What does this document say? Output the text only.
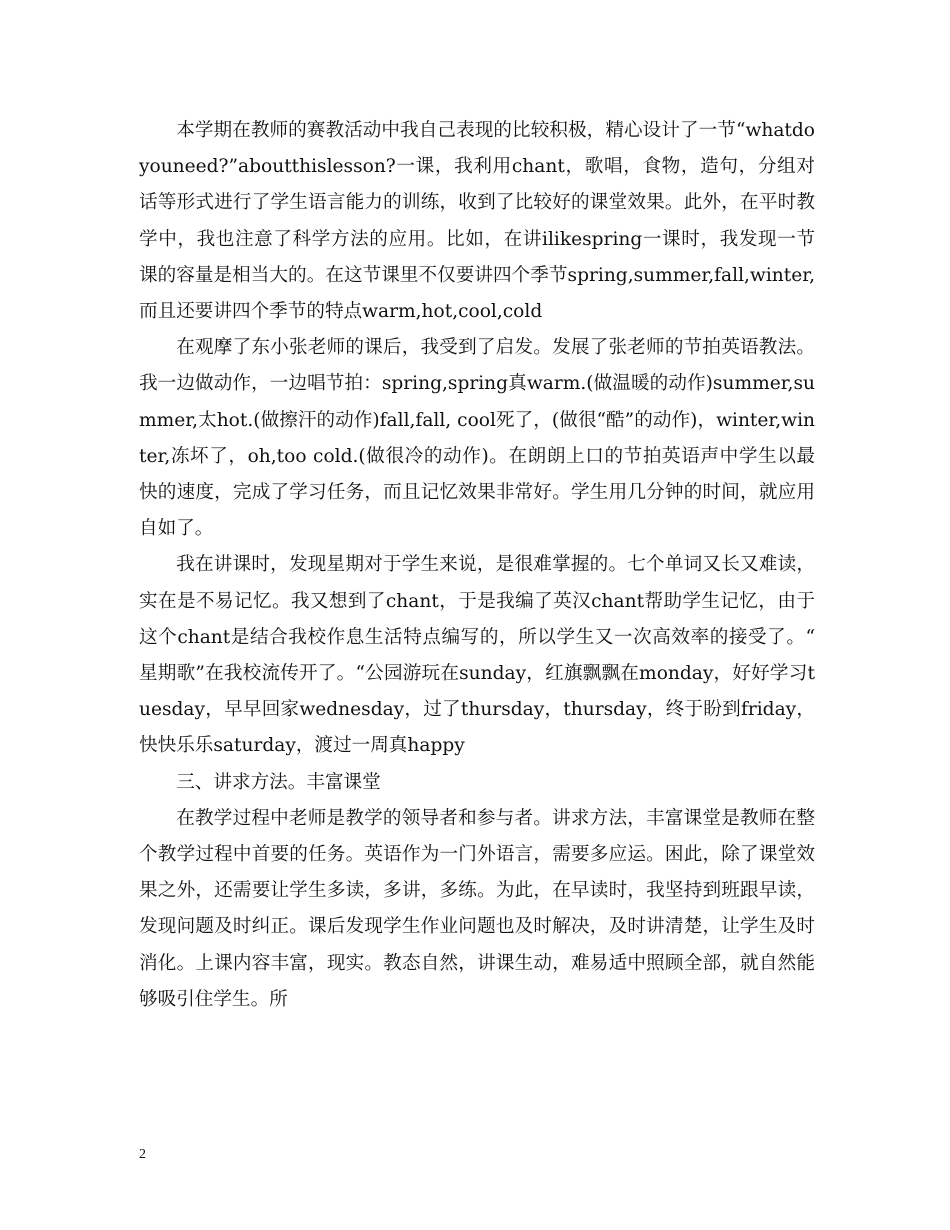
本学期在教师的赛教活动中我自己表现的比较积极，精心设计了一节“whatdoyouneed?”aboutthislesson?一课，我利用chant，歌唱，食物，造句，分组对话等形式进行了学生语言能力的训练，收到了比较好的课堂效果。此外，在平时教学中，我也注意了科学方法的应用。比如，在讲ilikespring一课时，我发现一节课的容量是相当大的。在这节课里不仅要讲四个季节spring,summer,fall,winter,而且还要讲四个季节的特点warm,hot,cool,cold

在观摩了东小张老师的课后，我受到了启发。发展了张老师的节拍英语教法。我一边做动作，一边唱节拍：spring,spring真warm.(做温暖的动作)summer,summer,太hot.(做擦汗的动作)fall,fall, cool死了，(做很“酷”的动作)，winter,winter,冻坏了，oh,too cold.(做很冷的动作)。在朗朗上口的节拍英语声中学生以最快的速度，完成了学习任务，而且记忆效果非常好。学生用几分钟的时间，就应用自如了。

我在讲课时，发现星期对于学生来说，是很难掌握的。七个单词又长又难读，实在是不易记忆。我又想到了chant，于是我编了英汉chant帮助学生记忆，由于这个chant是结合我校作息生活特点编写的，所以学生又一次高效率的接受了。“星期歌”在我校流传开了。“公园游玩在sunday，红旗飘飘在monday，好好学习tuesday，早早回家wednesday，过了thursday，thursday，终于盼到friday，快快乐乐saturday，渡过一周真happy

三、讲求方法。丰富课堂

在教学过程中老师是教学的领导者和参与者。讲求方法，丰富课堂是教师在整个教学过程中首要的任务。英语作为一门外语言，需要多应运。困此，除了课堂效果之外，还需要让学生多读，多讲，多练。为此，在早读时，我坚持到班跟早读，发现问题及时纠正。课后发现学生作业问题也及时解决，及时讲清楚，让学生及时消化。上课内容丰富，现实。教态自然，讲课生动，难易适中照顾全部，就自然能够吸引住学生。所

2
